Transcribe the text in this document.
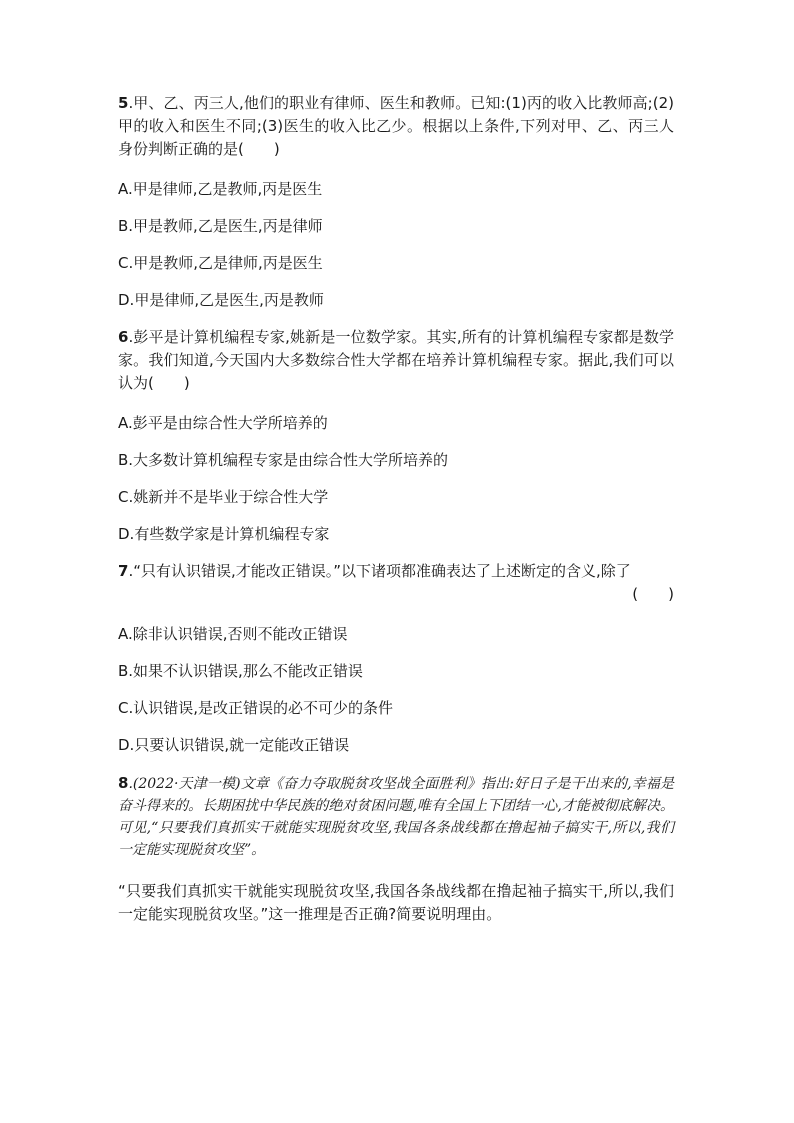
5.甲、乙、丙三人,他们的职业有律师、医生和教师。已知:(1)丙的收入比教师高;(2)甲的收入和医生不同;(3)医生的收入比乙少。根据以上条件,下列对甲、乙、丙三人身份判断正确的是(　　)

A.甲是律师,乙是教师,丙是医生

B.甲是教师,乙是医生,丙是律师

C.甲是教师,乙是律师,丙是医生

D.甲是律师,乙是医生,丙是教师

6.彭平是计算机编程专家,姚新是一位数学家。其实,所有的计算机编程专家都是数学家。我们知道,今天国内大多数综合性大学都在培养计算机编程专家。据此,我们可以认为(　　)

A.彭平是由综合性大学所培养的

B.大多数计算机编程专家是由综合性大学所培养的

C.姚新并不是毕业于综合性大学

D.有些数学家是计算机编程专家

7.“只有认识错误,才能改正错误。”以下诸项都准确表达了上述断定的含义,除了
(　　)

A.除非认识错误,否则不能改正错误

B.如果不认识错误,那么不能改正错误

C.认识错误,是改正错误的必不可少的条件

D.只要认识错误,就一定能改正错误

8.(2022·天津一模)文章《奋力夺取脱贫攻坚战全面胜利》指出:好日子是干出来的,幸福是奋斗得来的。长期困扰中华民族的绝对贫困问题,唯有全国上下团结一心,才能被彻底解决。可见,“只要我们真抓实干就能实现脱贫攻坚,我国各条战线都在撸起袖子搞实干,所以,我们一定能实现脱贫攻坚”。

“只要我们真抓实干就能实现脱贫攻坚,我国各条战线都在撸起袖子搞实干,所以,我们一定能实现脱贫攻坚。”这一推理是否正确?简要说明理由。
